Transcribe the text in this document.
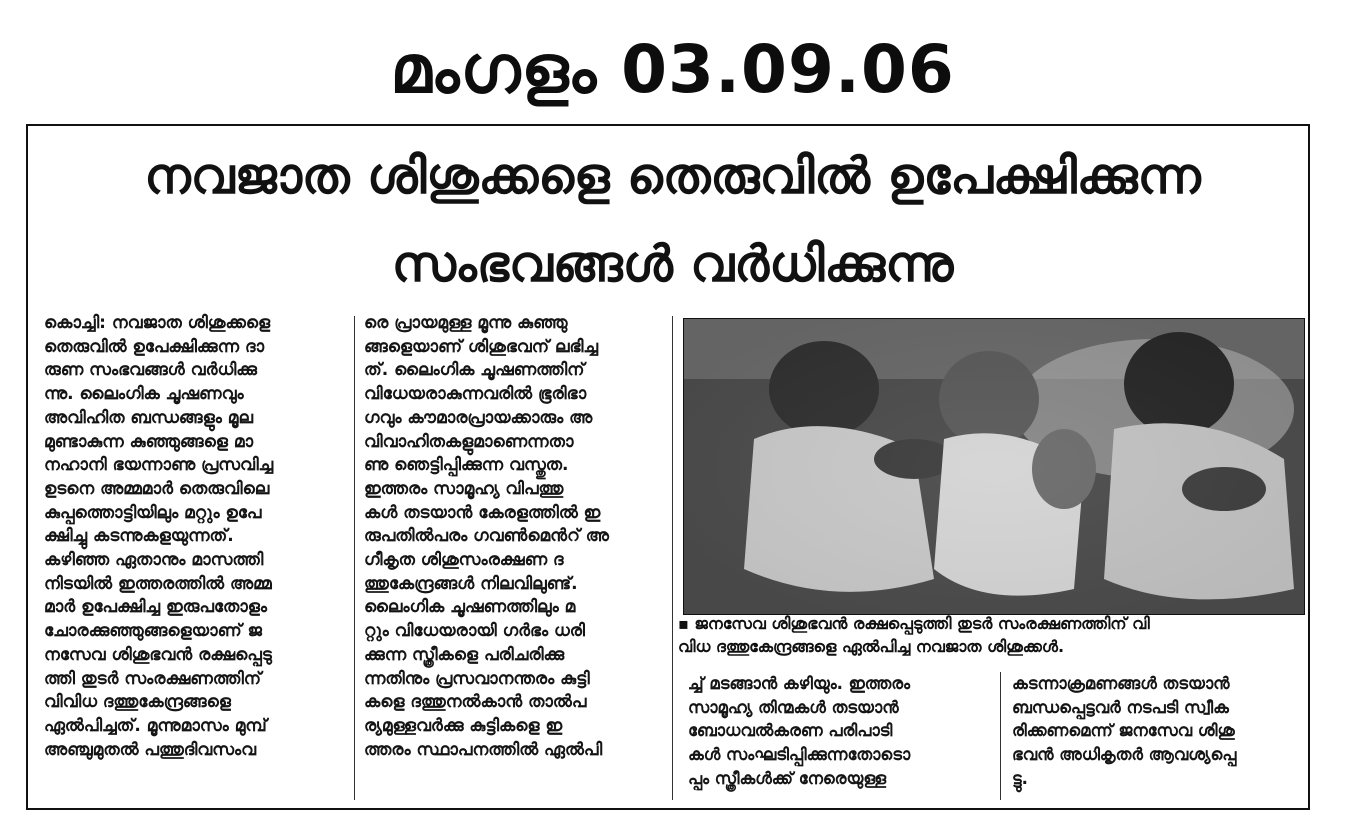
മംഗളം 03.09.06
നവജാത ശിശുക്കളെ തെരുവിൽ ഉപേക്ഷിക്കുന്ന
സംഭവങ്ങൾ വർധിക്കുന്നു

കൊച്ചി: നവജാത ശിശുക്കളെ

തെരുവിൽ ഉപേക്ഷിക്കുന്ന ദാ

രുണ സംഭവങ്ങൾ വർധിക്കു

ന്നു. ലൈംഗിക ചൂഷണവും

അവിഹിത ബന്ധങ്ങളും മൂല

മുണ്ടാകുന്ന കുഞ്ഞുങ്ങളെ മാ

നഹാനി ഭയന്നാണു പ്രസവിച്ച

ഉടനെ അമ്മമാർ തെരുവിലെ

കുപ്പത്തൊട്ടിയിലും മറ്റും ഉപേ

ക്ഷിച്ചു കടന്നുകളയുന്നത്.

കഴിഞ്ഞ ഏതാനും മാസത്തി

നിടയിൽ ഇത്തരത്തിൽ അമ്മ

മാർ ഉപേക്ഷിച്ച ഇരുപതോളം

ചോരക്കുഞ്ഞുങ്ങളെയാണ് ജ

നസേവ ശിശുഭവൻ രക്ഷപ്പെടു

ത്തി തുടർ സംരക്ഷണത്തിന്

വിവിധ ദത്തുകേന്ദ്രങ്ങളെ

ഏൽപിച്ചത്. മൂന്നുമാസം മുമ്പ്

അഞ്ചുമുതൽ പത്തുദിവസംവ

രെ പ്രായമുള്ള മൂന്നു കുഞ്ഞു

ങ്ങളെയാണ് ശിശുഭവന് ലഭിച്ച

ത്. ലൈംഗിക ചൂഷണത്തിന്

വിധേയരാകുന്നവരിൽ ഭൂരിഭാ

ഗവും കൗമാരപ്രായക്കാരും അ

വിവാഹിതകളുമാണെന്നതാ

ണു ഞെട്ടിപ്പിക്കുന്ന വസ്തുത.

ഇത്തരം സാമൂഹ്യ വിപത്തു

കൾ തടയാൻ കേരളത്തിൽ ഇ

രുപതിൽപരം ഗവൺമെൻറ് അ

ഗീകൃത ശിശുസംരക്ഷണ ദ

ത്തുകേന്ദ്രങ്ങൾ നിലവിലുണ്ട്.

ലൈംഗിക ചൂഷണത്തിലും മ

റ്റും വിധേയരായി ഗർഭം ധരി

ക്കുന്ന സ്ത്രീകളെ പരിചരിക്കു

ന്നതിനും പ്രസവാനന്തരം കുട്ടി

കളെ ദത്തുനൽകാൻ താൽപ

ര്യമുള്ളവർക്കു കുട്ടികളെ ഇ

ത്തരം സ്ഥാപനത്തിൽ ഏൽപി

▪ ജനസേവ ശിശുഭവൻ രക്ഷപ്പെടുത്തി തുടർ സംരക്ഷണത്തിന് വി

വിധ ദത്തുകേന്ദ്രങ്ങളെ ഏൽപിച്ച നവജാത ശിശുക്കൾ.

ച്ച് മടങ്ങാൻ കഴിയും. ഇത്തരം

സാമൂഹ്യ തിന്മകൾ തടയാൻ

ബോധവൽകരണ പരിപാടി

കൾ സംഘടിപ്പിക്കുന്നതോടൊ

പ്പം സ്ത്രീകൾക്ക് നേരെയുള്ള

കടന്നാക്രമണങ്ങൾ തടയാൻ

ബന്ധപ്പെട്ടവർ നടപടി സ്വീക

രിക്കണമെന്ന് ജനസേവ ശിശു

ഭവൻ അധികൃതർ ആവശ്യപ്പെ

ട്ടു.
